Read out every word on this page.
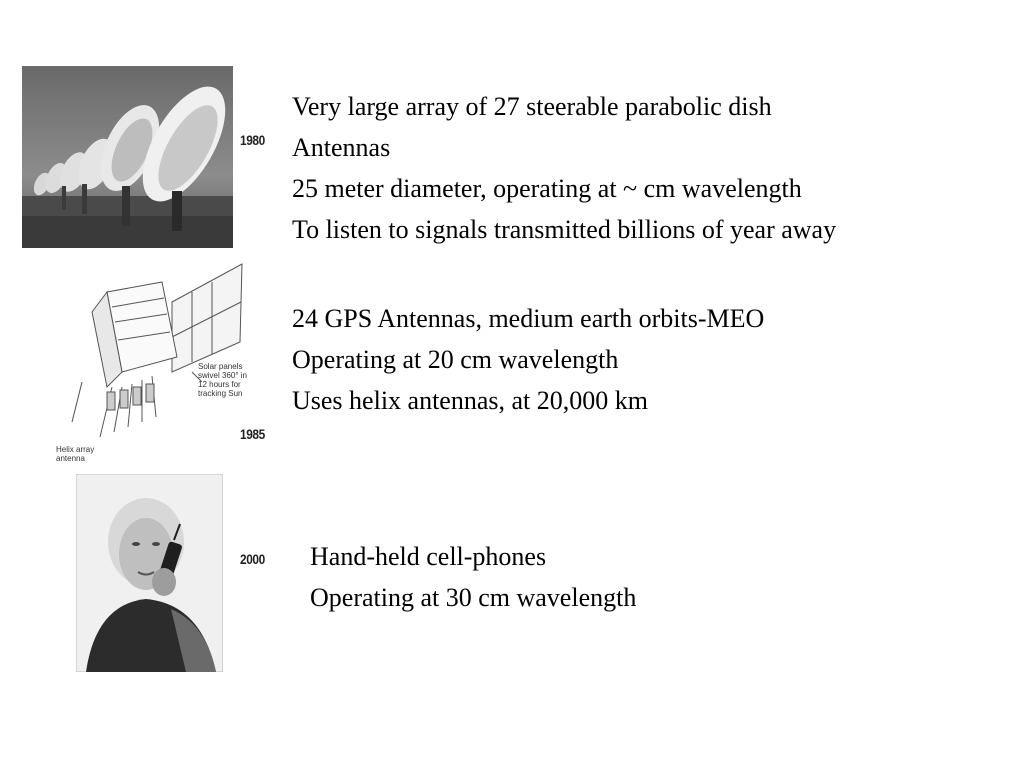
1980
Very large array of 27 steerable parabolic dish
Antennas
25 meter diameter, operating at ~ cm wavelength
To listen to signals transmitted billions of year away
Solar panels
swivel 360° in
12 hours for
tracking Sun
Helix array
antenna
1985
24 GPS Antennas, medium earth orbits-MEO
Operating at 20 cm wavelength
Uses helix antennas, at 20,000 km
2000 Hand-held cell-phones
Operating at 30 cm wavelength
